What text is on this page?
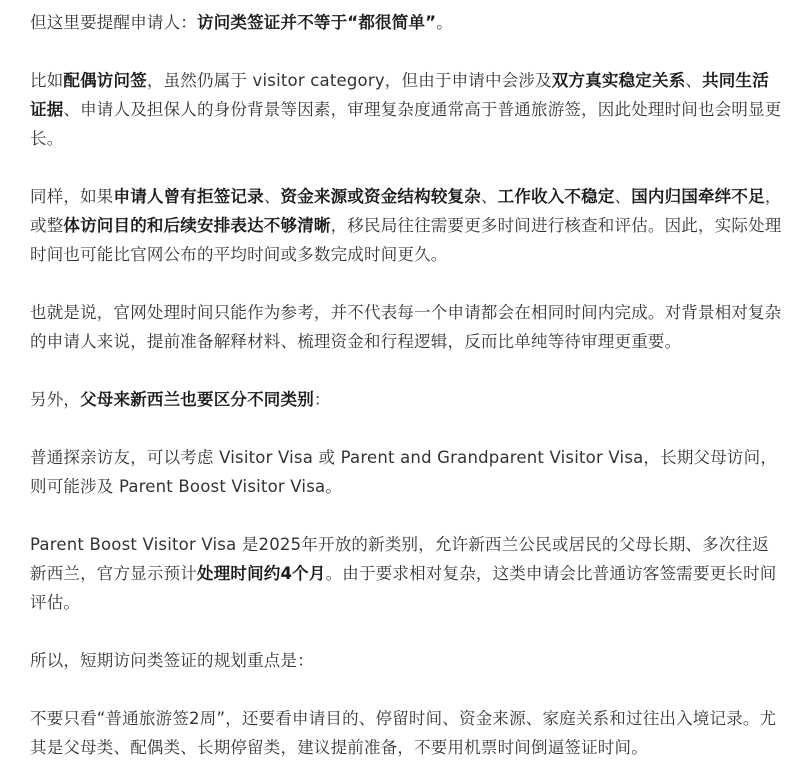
但这里要提醒申请人：访问类签证并不等于“都很简单”。

比如配偶访问签，虽然仍属于 visitor category，但由于申请中会涉及双方真实稳定关系、共同生活证据、申请人及担保人的身份背景等因素，审理复杂度通常高于普通旅游签，因此处理时间也会明显更长。

同样，如果申请人曾有拒签记录、资金来源或资金结构较复杂、工作收入不稳定、国内归国牵绊不足，或整体访问目的和后续安排表达不够清晰，移民局往往需要更多时间进行核查和评估。因此，实际处理时间也可能比官网公布的平均时间或多数完成时间更久。

也就是说，官网处理时间只能作为参考，并不代表每一个申请都会在相同时间内完成。对背景相对复杂的申请人来说，提前准备解释材料、梳理资金和行程逻辑，反而比单纯等待审理更重要。

另外，父母来新西兰也要区分不同类别：

普通探亲访友，可以考虑 Visitor Visa 或 Parent and Grandparent Visitor Visa，长期父母访问，则可能涉及 Parent Boost Visitor Visa。

Parent Boost Visitor Visa 是2025年开放的新类别，允许新西兰公民或居民的父母长期、多次往返新西兰，官方显示预计处理时间约4个月。由于要求相对复杂，这类申请会比普通访客签需要更长时间评估。

所以，短期访问类签证的规划重点是：

不要只看“普通旅游签2周”，还要看申请目的、停留时间、资金来源、家庭关系和过往出入境记录。尤其是父母类、配偶类、长期停留类，建议提前准备，不要用机票时间倒逼签证时间。
